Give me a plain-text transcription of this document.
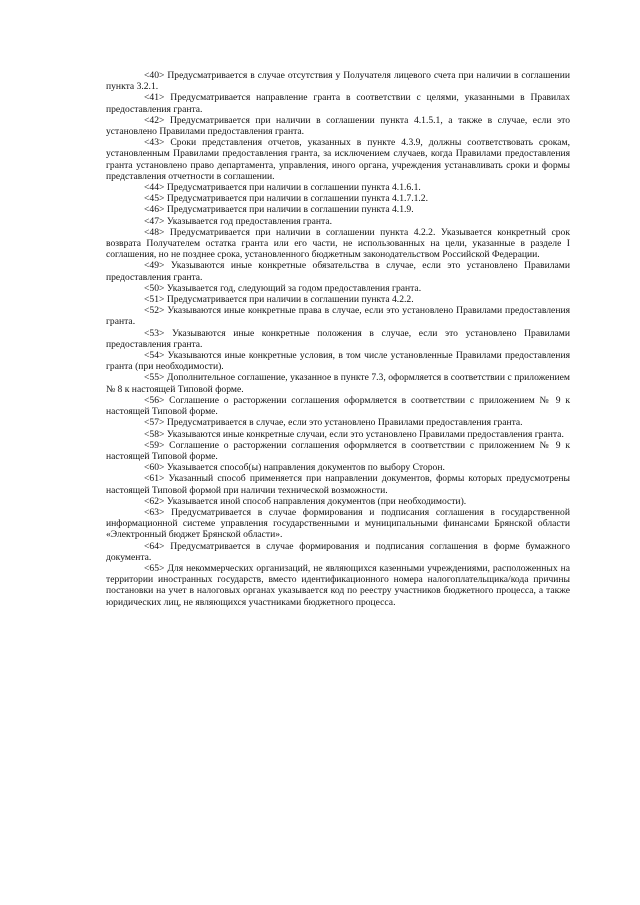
<40> Предусматривается в случае отсутствия у Получателя лицевого счета при наличии в соглашении пункта 3.2.1.

<41> Предусматривается направление гранта в соответствии с целями, указанными в Правилах предоставления гранта.

<42> Предусматривается при наличии в соглашении пункта 4.1.5.1, а также в случае, если это установлено Правилами предоставления гранта.

<43> Сроки представления отчетов, указанных в пункте 4.3.9, должны соответствовать срокам, установленным Правилами предоставления гранта, за исключением случаев, когда Правилами предоставления гранта установлено право департамента, управления, иного органа, учреждения устанавливать сроки и формы представления отчетности в соглашении.

<44> Предусматривается при наличии в соглашении пункта 4.1.6.1.

<45> Предусматривается при наличии в соглашении пункта 4.1.7.1.2.

<46> Предусматривается при наличии в соглашении пункта 4.1.9.

<47> Указывается год предоставления гранта.

<48> Предусматривается при наличии в соглашении пункта 4.2.2. Указывается конкретный срок возврата Получателем остатка гранта или его части, не использованных на цели, указанные в разделе I соглашения, но не позднее срока, установленного бюджетным законодательством Российской Федерации.

<49> Указываются иные конкретные обязательства в случае, если это установлено Правилами предоставления гранта.

<50> Указывается год, следующий за годом предоставления гранта.

<51> Предусматривается при наличии в соглашении пункта 4.2.2.

<52> Указываются иные конкретные права в случае, если это установлено Правилами предоставления гранта.

<53> Указываются иные конкретные положения в случае, если это установлено Правилами предоставления гранта.

<54> Указываются иные конкретные условия, в том числе установленные Правилами предоставления гранта (при необходимости).

<55> Дополнительное соглашение, указанное в пункте 7.3, оформляется в соответствии с приложением № 8 к настоящей Типовой форме.

<56> Соглашение о расторжении соглашения оформляется в соответствии с приложением № 9 к настоящей Типовой форме.

<57> Предусматривается в случае, если это установлено Правилами предоставления гранта.

<58> Указываются иные конкретные случаи, если это установлено Правилами предоставления гранта.

<59> Соглашение о расторжении соглашения оформляется в соответствии с приложением № 9 к настоящей Типовой форме.

<60> Указывается способ(ы) направления документов по выбору Сторон.

<61> Указанный способ применяется при направлении документов, формы которых предусмотрены настоящей Типовой формой при наличии технической возможности.

<62> Указывается иной способ направления документов (при необходимости).

<63> Предусматривается в случае формирования и подписания соглашения в государственной информационной системе управления государственными и муниципальными финансами Брянской области «Электронный бюджет Брянской области».

<64> Предусматривается в случае формирования и подписания соглашения в форме бумажного документа.

<65> Для некоммерческих организаций, не являющихся казенными учреждениями, расположенных на территории иностранных государств, вместо идентификационного номера налогоплательщика/кода причины постановки на учет в налоговых органах указывается код по реестру участников бюджетного процесса, а также юридических лиц, не являющихся участниками бюджетного процесса.
